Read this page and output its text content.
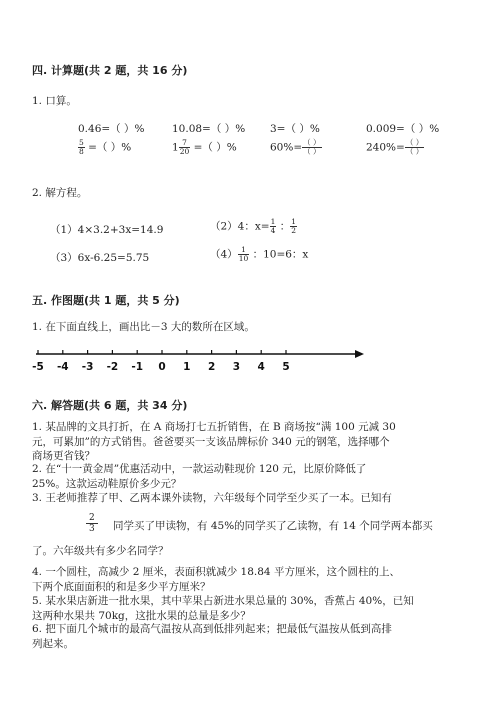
四. 计算题(共 2 题，共 16 分)
1. 口算。
0.46=（ ）%	10.08=（ ）% 3=（ ）%	0.009=（ ）%
$\frac{5}{8}$ =（ ）%	$1 \frac{7}{20}$ =（ ）%	$60\%= \frac{( )}{( )}$	$240\%= \frac{( )}{( )}$
2. 解方程。
（1）4×3.2+3x=14.9	（2）4：$x= \frac{1}{4}$ ： $\frac{1}{2}$
（3）6x-6.25=5.75	$(4) \frac{1}{10}$ ：10=6：x
五. 作图题(共 1 题，共 5 分)
1. 在下面直线上，画出比－3 大的数所在区域。
-5 -4 -3 -2 -1 0 1 2 3 4 5
六. 解答题(共 6 题，共 34 分)
1. 某品牌的文具打折，在 A 商场打七五折销售，在 B 商场按“满 100 元减 30
元，可累加”的方式销售。爸爸要买一支该品牌标价 340 元的钢笔，选择哪个
商场更省钱？
2. 在“十一黄金周”优惠活动中，一款运动鞋现价 120 元，比原价降低了
25%。这款运动鞋原价多少元？
3. 王老师推荐了甲、乙两本课外读物，六年级每个同学至少买了一本。已知有
$\frac{2}{3}$ 同学买了甲读物，有 45%的同学买了乙读物，有 14 个同学两本都买
了。六年级共有多少名同学？
4. 一个圆柱，高减少 2 厘米，表面积就减少 18.84 平方厘米，这个圆柱的上、
下两个底面面积的和是多少平方厘米？
5. 某水果店新进一批水果，其中苹果占新进水果总量的 30%，香蕉占 40%，已知
这两种水果共 70kg，这批水果的总量是多少？
6. 把下面几个城市的最高气温按从高到低排列起来；把最低气温按从低到高排
列起来。
